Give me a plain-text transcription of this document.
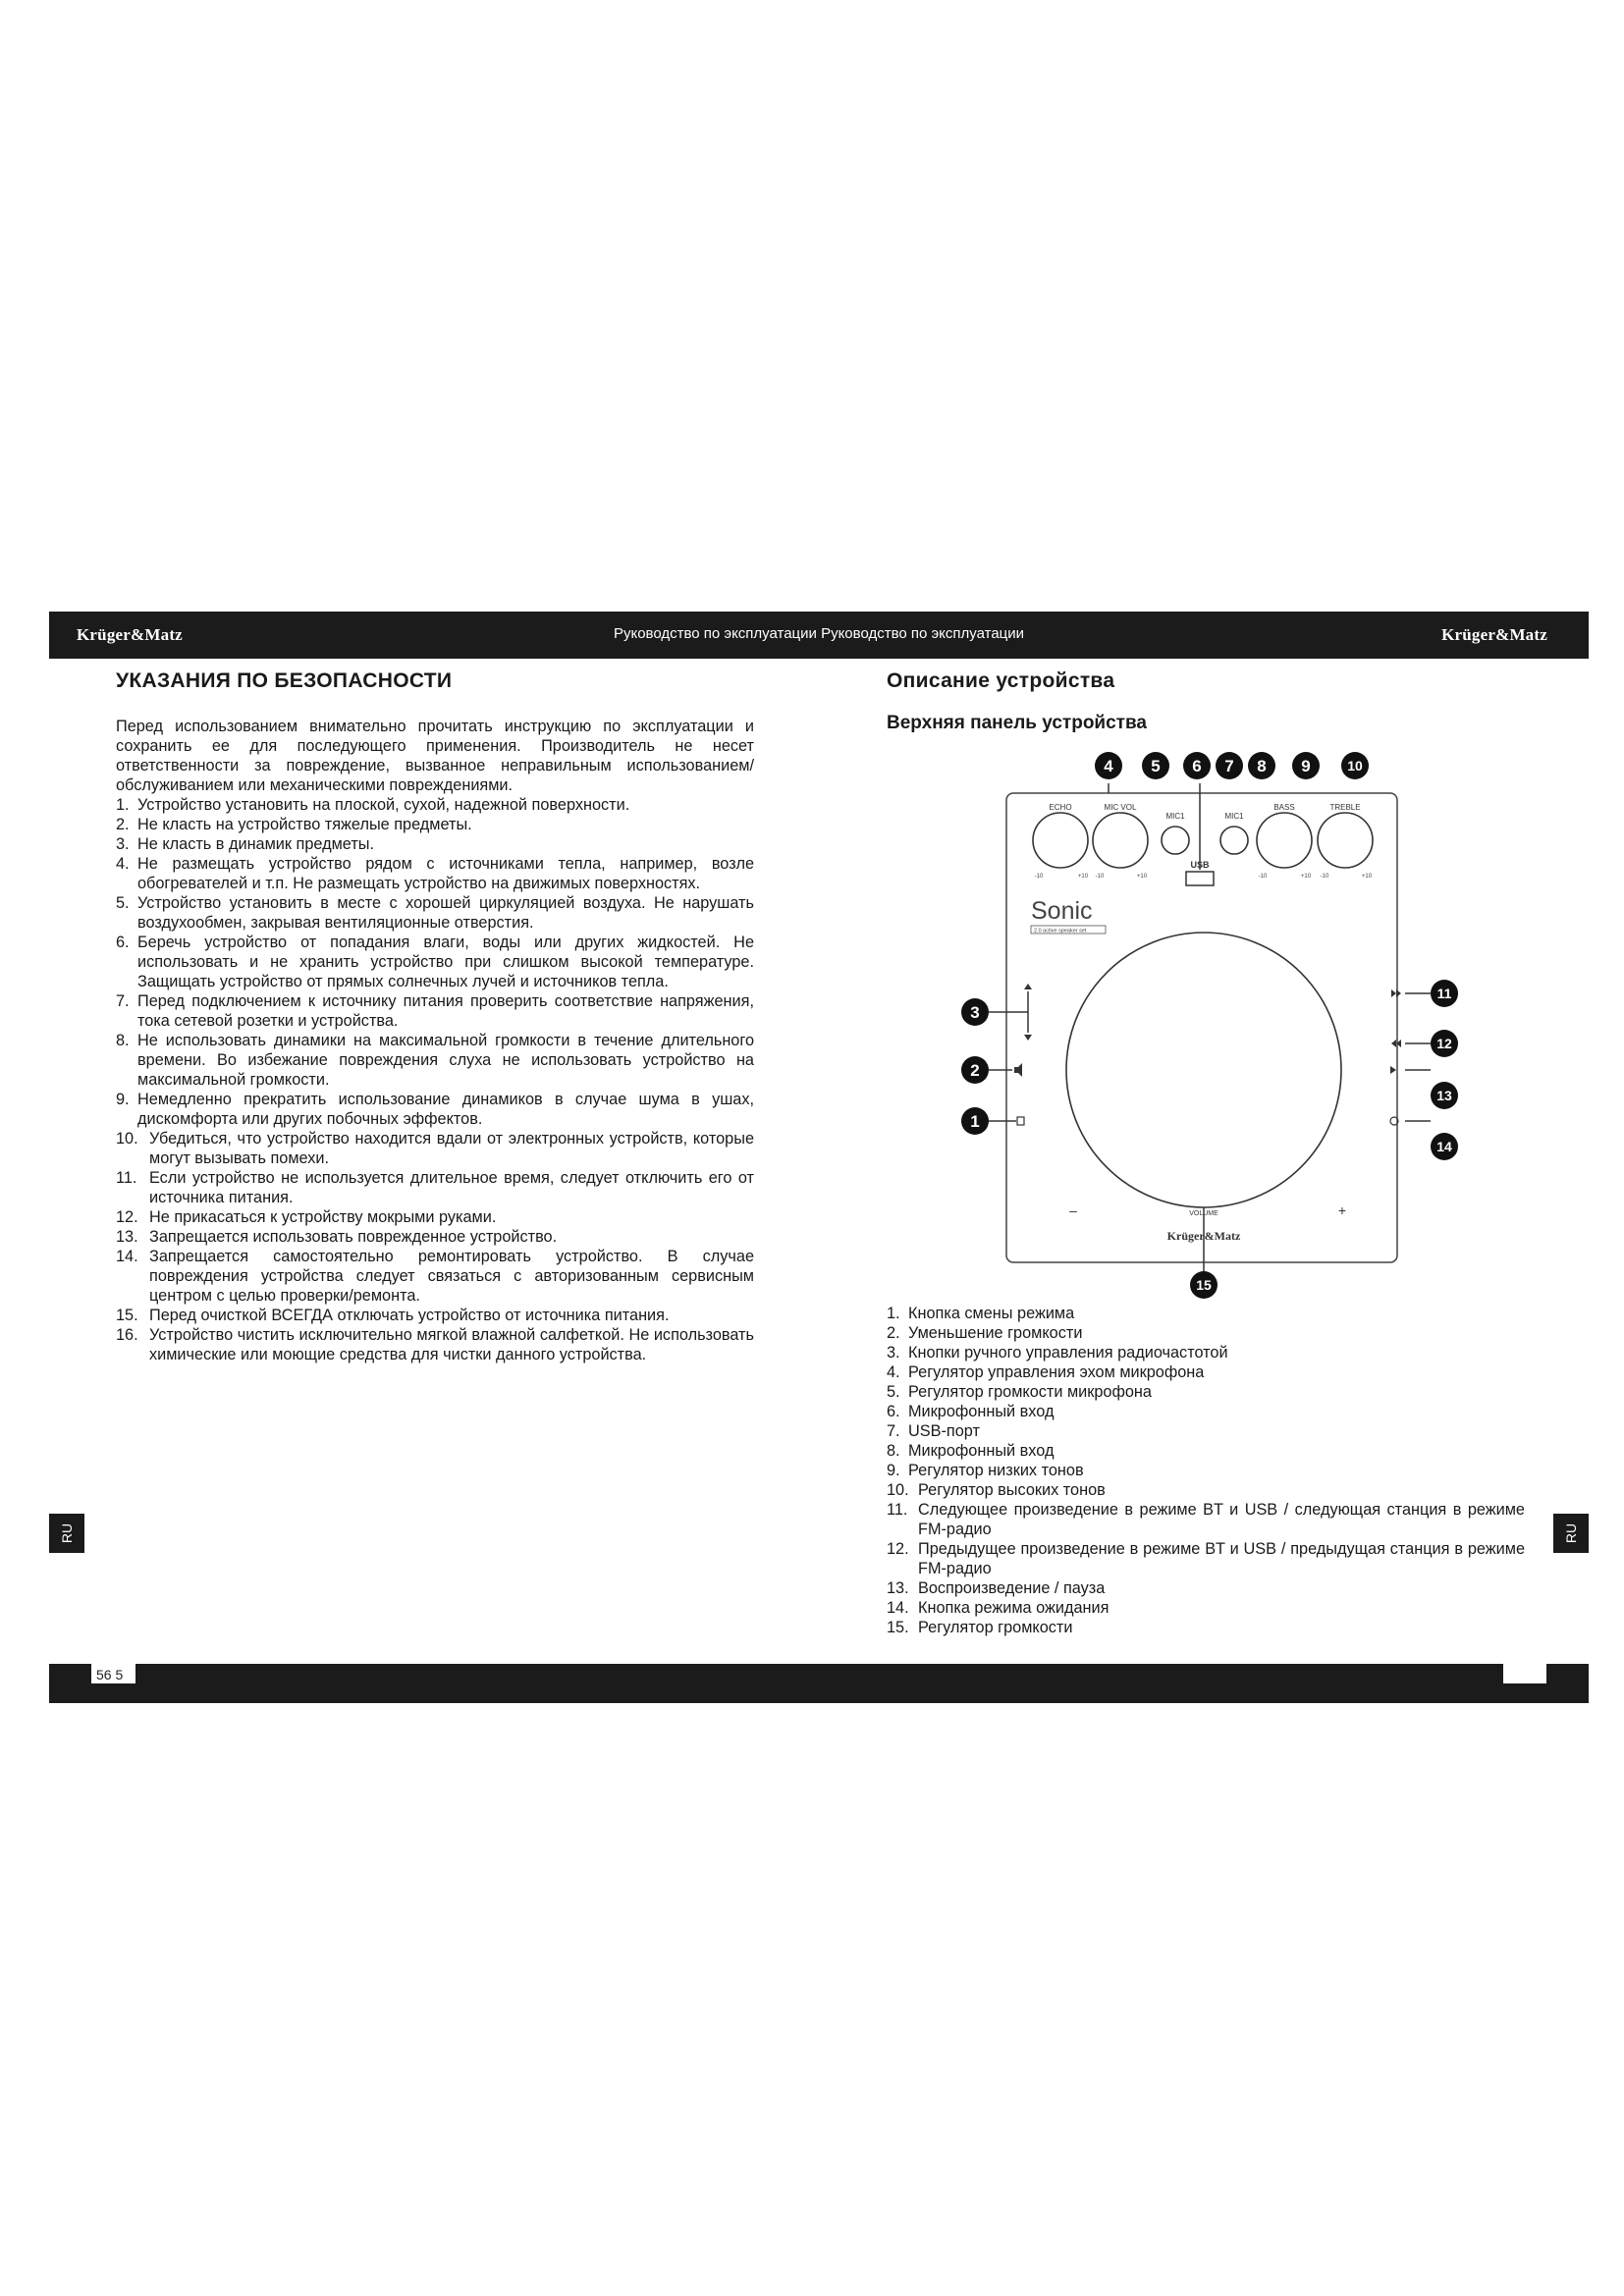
Krüger&Matz	Руководство по эксплуатации Руководство по эксплуатации	Krüger&Matz
RU	RU
56 5
УКАЗАНИЯ ПО БЕЗОПАСНОСТИ

Перед использованием внимательно прочитать инструкцию по эксплуатации и сохранить ее для последующего применения. Производитель не несет ответственности за повреждение, вызванное неправильным использованием/ обслуживанием или механическими повреждениями.

1. Устройство установить на плоской, сухой, надежной поверхности.
2. Не класть на устройство тяжелые предметы.
3. Не класть в динамик предметы.
4. Не размещать устройство рядом с источниками тепла, например, возле обогревателей и т.п. Не размещать устройство на движимых поверхностях.
5. Устройство установить в месте с хорошей циркуляцией воздуха. Не нарушать воздухообмен, закрывая вентиляционные отверстия.
6. Беречь устройство от попадания влаги, воды или других жидкостей. Не использовать и не хранить устройство при слишком высокой температуре. Защищать устройство от прямых солнечных лучей и источников тепла.
7. Перед подключением к источнику питания проверить соответствие напряжения, тока сетевой розетки и устройства.
8. Не использовать динамики на максимальной громкости в течение длительного времени. Во избежание повреждения слуха не использовать устройство на максимальной громкости.
9. Немедленно прекратить использование динамиков в случае шума в ушах, дискомфорта или других побочных эффектов.
10. Убедиться, что устройство находится вдали от электронных устройств, которые могут вызывать помехи.
11. Если устройство не используется длительное время, следует отключить его от источника питания.
12. Не прикасаться к устройству мокрыми руками.
13. Запрещается использовать поврежденное устройство.
14. Запрещается самостоятельно ремонтировать устройство. В случае повреждения устройства следует связаться с авторизованным сервисным центром с целью проверки/ремонта.
15. Перед очисткой ВСЕГДА отключать устройство от источника питания.
16. Устройство чистить исключительно мягкой влажной салфеткой. Не использовать химические или моющие средства для чистки данного устройства.
Описание устройства
Верхняя панель устройства
ECHO	MIC VOL
MIC1	MIC1
BASS	TREBLE
USB
-10	+10 -10	+10	-10	+10 -10	+10
Sonic
2.0 active speaker set
–	VOLUME	+
Krüger&Matz
4 5 6 7 8 9	10
3
2
1
11
12
13
14
15
1. Кнопка смены режима
2. Уменьшение громкости
3. Кнопки ручного управления радиочастотой
4. Регулятор управления эхом микрофона
5. Регулятор громкости микрофона
6. Микрофонный вход
7. USB-порт
8. Микрофонный вход
9. Регулятор низких тонов
10. Регулятор высоких тонов
11. Следующее произведение в режиме BT и USB / следующая станция в режиме FM-радио
12. Предыдущее произведение в режиме BT и USB / предыдущая станция в режиме FM-радио
13. Воспроизведение / пауза
14. Кнопка режима ожидания
15. Регулятор громкости
